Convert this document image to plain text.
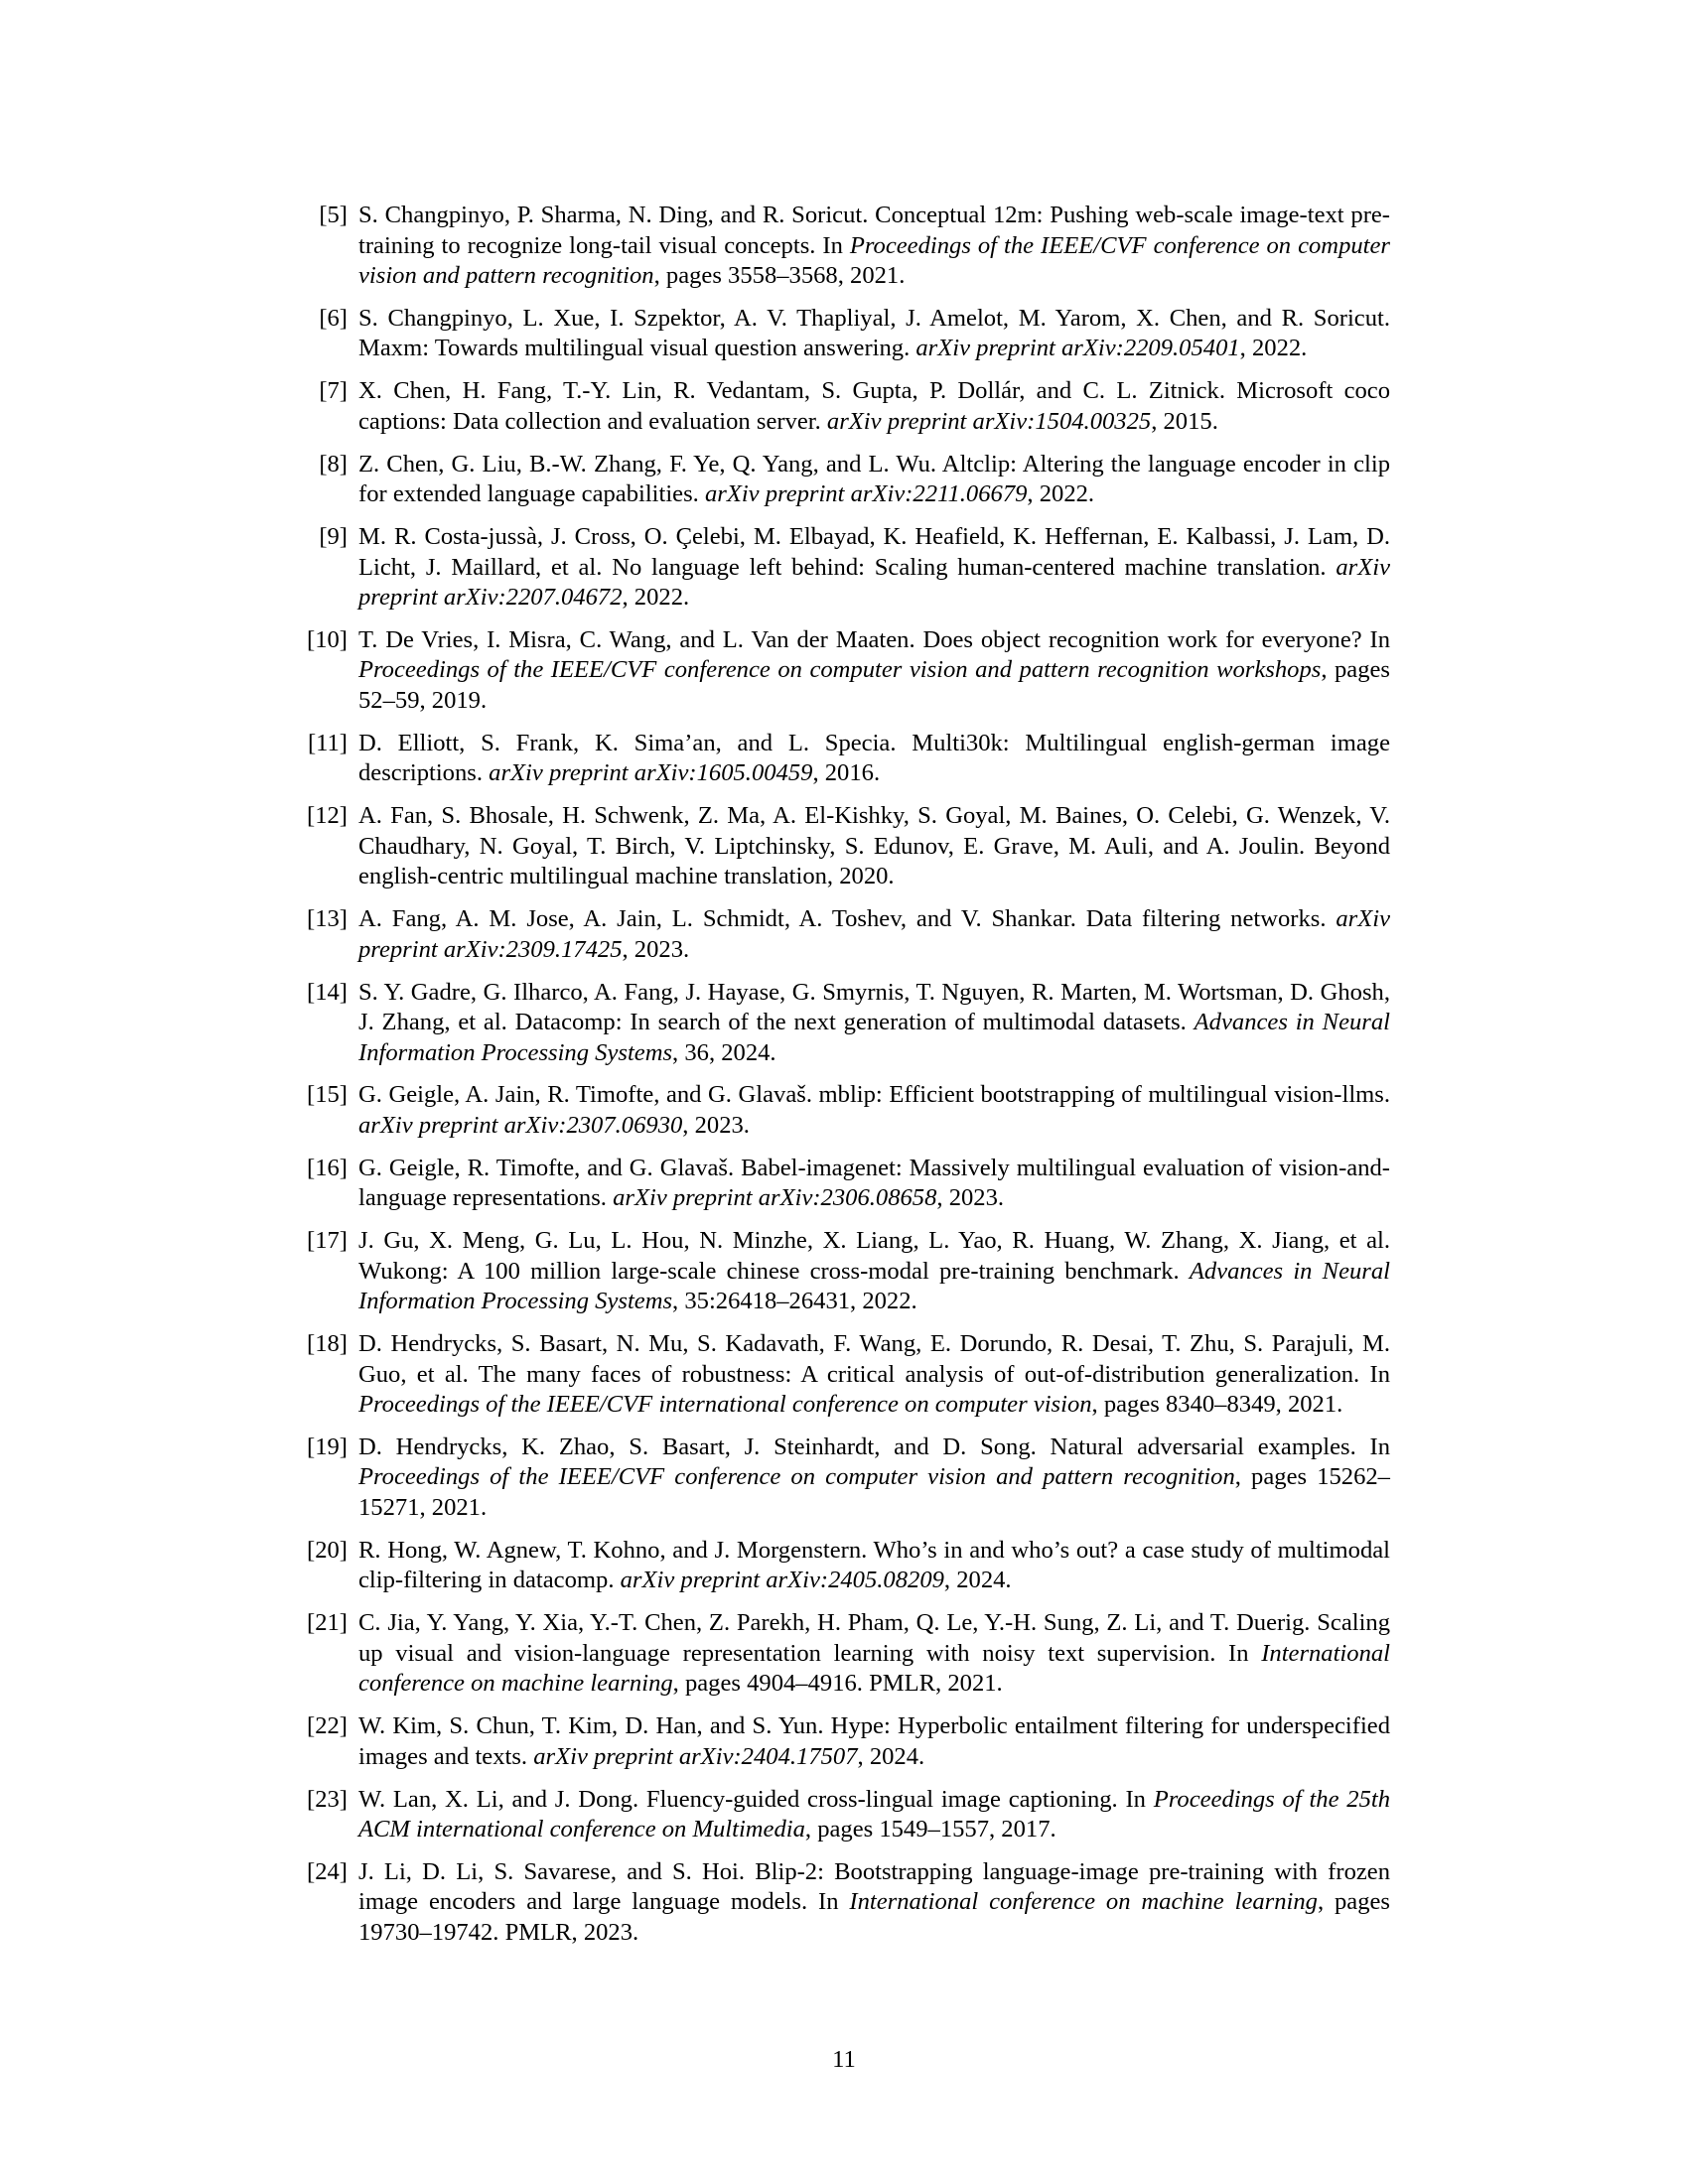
[5] S. Changpinyo, P. Sharma, N. Ding, and R. Soricut. Conceptual 12m: Pushing web-scale image-text pre-training to recognize long-tail visual concepts. In Proceedings of the IEEE/CVF conference on computer vision and pattern recognition, pages 3558–3568, 2021.
[6] S. Changpinyo, L. Xue, I. Szpektor, A. V. Thapliyal, J. Amelot, M. Yarom, X. Chen, and R. Soricut. Maxm: Towards multilingual visual question answering. arXiv preprint arXiv:2209.05401, 2022.
[7] X. Chen, H. Fang, T.-Y. Lin, R. Vedantam, S. Gupta, P. Dollár, and C. L. Zitnick. Microsoft coco captions: Data collection and evaluation server. arXiv preprint arXiv:1504.00325, 2015.
[8] Z. Chen, G. Liu, B.-W. Zhang, F. Ye, Q. Yang, and L. Wu. Altclip: Altering the language encoder in clip for extended language capabilities. arXiv preprint arXiv:2211.06679, 2022.
[9] M. R. Costa-jussà, J. Cross, O. Çelebi, M. Elbayad, K. Heafield, K. Heffernan, E. Kalbassi, J. Lam, D. Licht, J. Maillard, et al. No language left behind: Scaling human-centered machine translation. arXiv preprint arXiv:2207.04672, 2022.
[10] T. De Vries, I. Misra, C. Wang, and L. Van der Maaten. Does object recognition work for everyone? In Proceedings of the IEEE/CVF conference on computer vision and pattern recognition workshops, pages 52–59, 2019.
[11] D. Elliott, S. Frank, K. Sima’an, and L. Specia. Multi30k: Multilingual english-german image descriptions. arXiv preprint arXiv:1605.00459, 2016.
[12] A. Fan, S. Bhosale, H. Schwenk, Z. Ma, A. El-Kishky, S. Goyal, M. Baines, O. Celebi, G. Wenzek, V. Chaudhary, N. Goyal, T. Birch, V. Liptchinsky, S. Edunov, E. Grave, M. Auli, and A. Joulin. Beyond english-centric multilingual machine translation, 2020.
[13] A. Fang, A. M. Jose, A. Jain, L. Schmidt, A. Toshev, and V. Shankar. Data filtering networks. arXiv preprint arXiv:2309.17425, 2023.
[14] S. Y. Gadre, G. Ilharco, A. Fang, J. Hayase, G. Smyrnis, T. Nguyen, R. Marten, M. Wortsman, D. Ghosh, J. Zhang, et al. Datacomp: In search of the next generation of multimodal datasets. Advances in Neural Information Processing Systems, 36, 2024.
[15] G. Geigle, A. Jain, R. Timofte, and G. Glavaš. mblip: Efficient bootstrapping of multilingual vision-llms. arXiv preprint arXiv:2307.06930, 2023.
[16] G. Geigle, R. Timofte, and G. Glavaš. Babel-imagenet: Massively multilingual evaluation of vision-and-language representations. arXiv preprint arXiv:2306.08658, 2023.
[17] J. Gu, X. Meng, G. Lu, L. Hou, N. Minzhe, X. Liang, L. Yao, R. Huang, W. Zhang, X. Jiang, et al. Wukong: A 100 million large-scale chinese cross-modal pre-training benchmark. Advances in Neural Information Processing Systems, 35:26418–26431, 2022.
[18] D. Hendrycks, S. Basart, N. Mu, S. Kadavath, F. Wang, E. Dorundo, R. Desai, T. Zhu, S. Parajuli, M. Guo, et al. The many faces of robustness: A critical analysis of out-of-distribution generalization. In Proceedings of the IEEE/CVF international conference on computer vision, pages 8340–8349, 2021.
[19] D. Hendrycks, K. Zhao, S. Basart, J. Steinhardt, and D. Song. Natural adversarial examples. In Proceedings of the IEEE/CVF conference on computer vision and pattern recognition, pages 15262–15271, 2021.
[20] R. Hong, W. Agnew, T. Kohno, and J. Morgenstern. Who’s in and who’s out? a case study of multimodal clip-filtering in datacomp. arXiv preprint arXiv:2405.08209, 2024.
[21] C. Jia, Y. Yang, Y. Xia, Y.-T. Chen, Z. Parekh, H. Pham, Q. Le, Y.-H. Sung, Z. Li, and T. Duerig. Scaling up visual and vision-language representation learning with noisy text supervision. In International conference on machine learning, pages 4904–4916. PMLR, 2021.
[22] W. Kim, S. Chun, T. Kim, D. Han, and S. Yun. Hype: Hyperbolic entailment filtering for underspecified images and texts. arXiv preprint arXiv:2404.17507, 2024.
[23] W. Lan, X. Li, and J. Dong. Fluency-guided cross-lingual image captioning. In Proceedings of the 25th ACM international conference on Multimedia, pages 1549–1557, 2017.
[24] J. Li, D. Li, S. Savarese, and S. Hoi. Blip-2: Bootstrapping language-image pre-training with frozen image encoders and large language models. In International conference on machine learning, pages 19730–19742. PMLR, 2023.
11
